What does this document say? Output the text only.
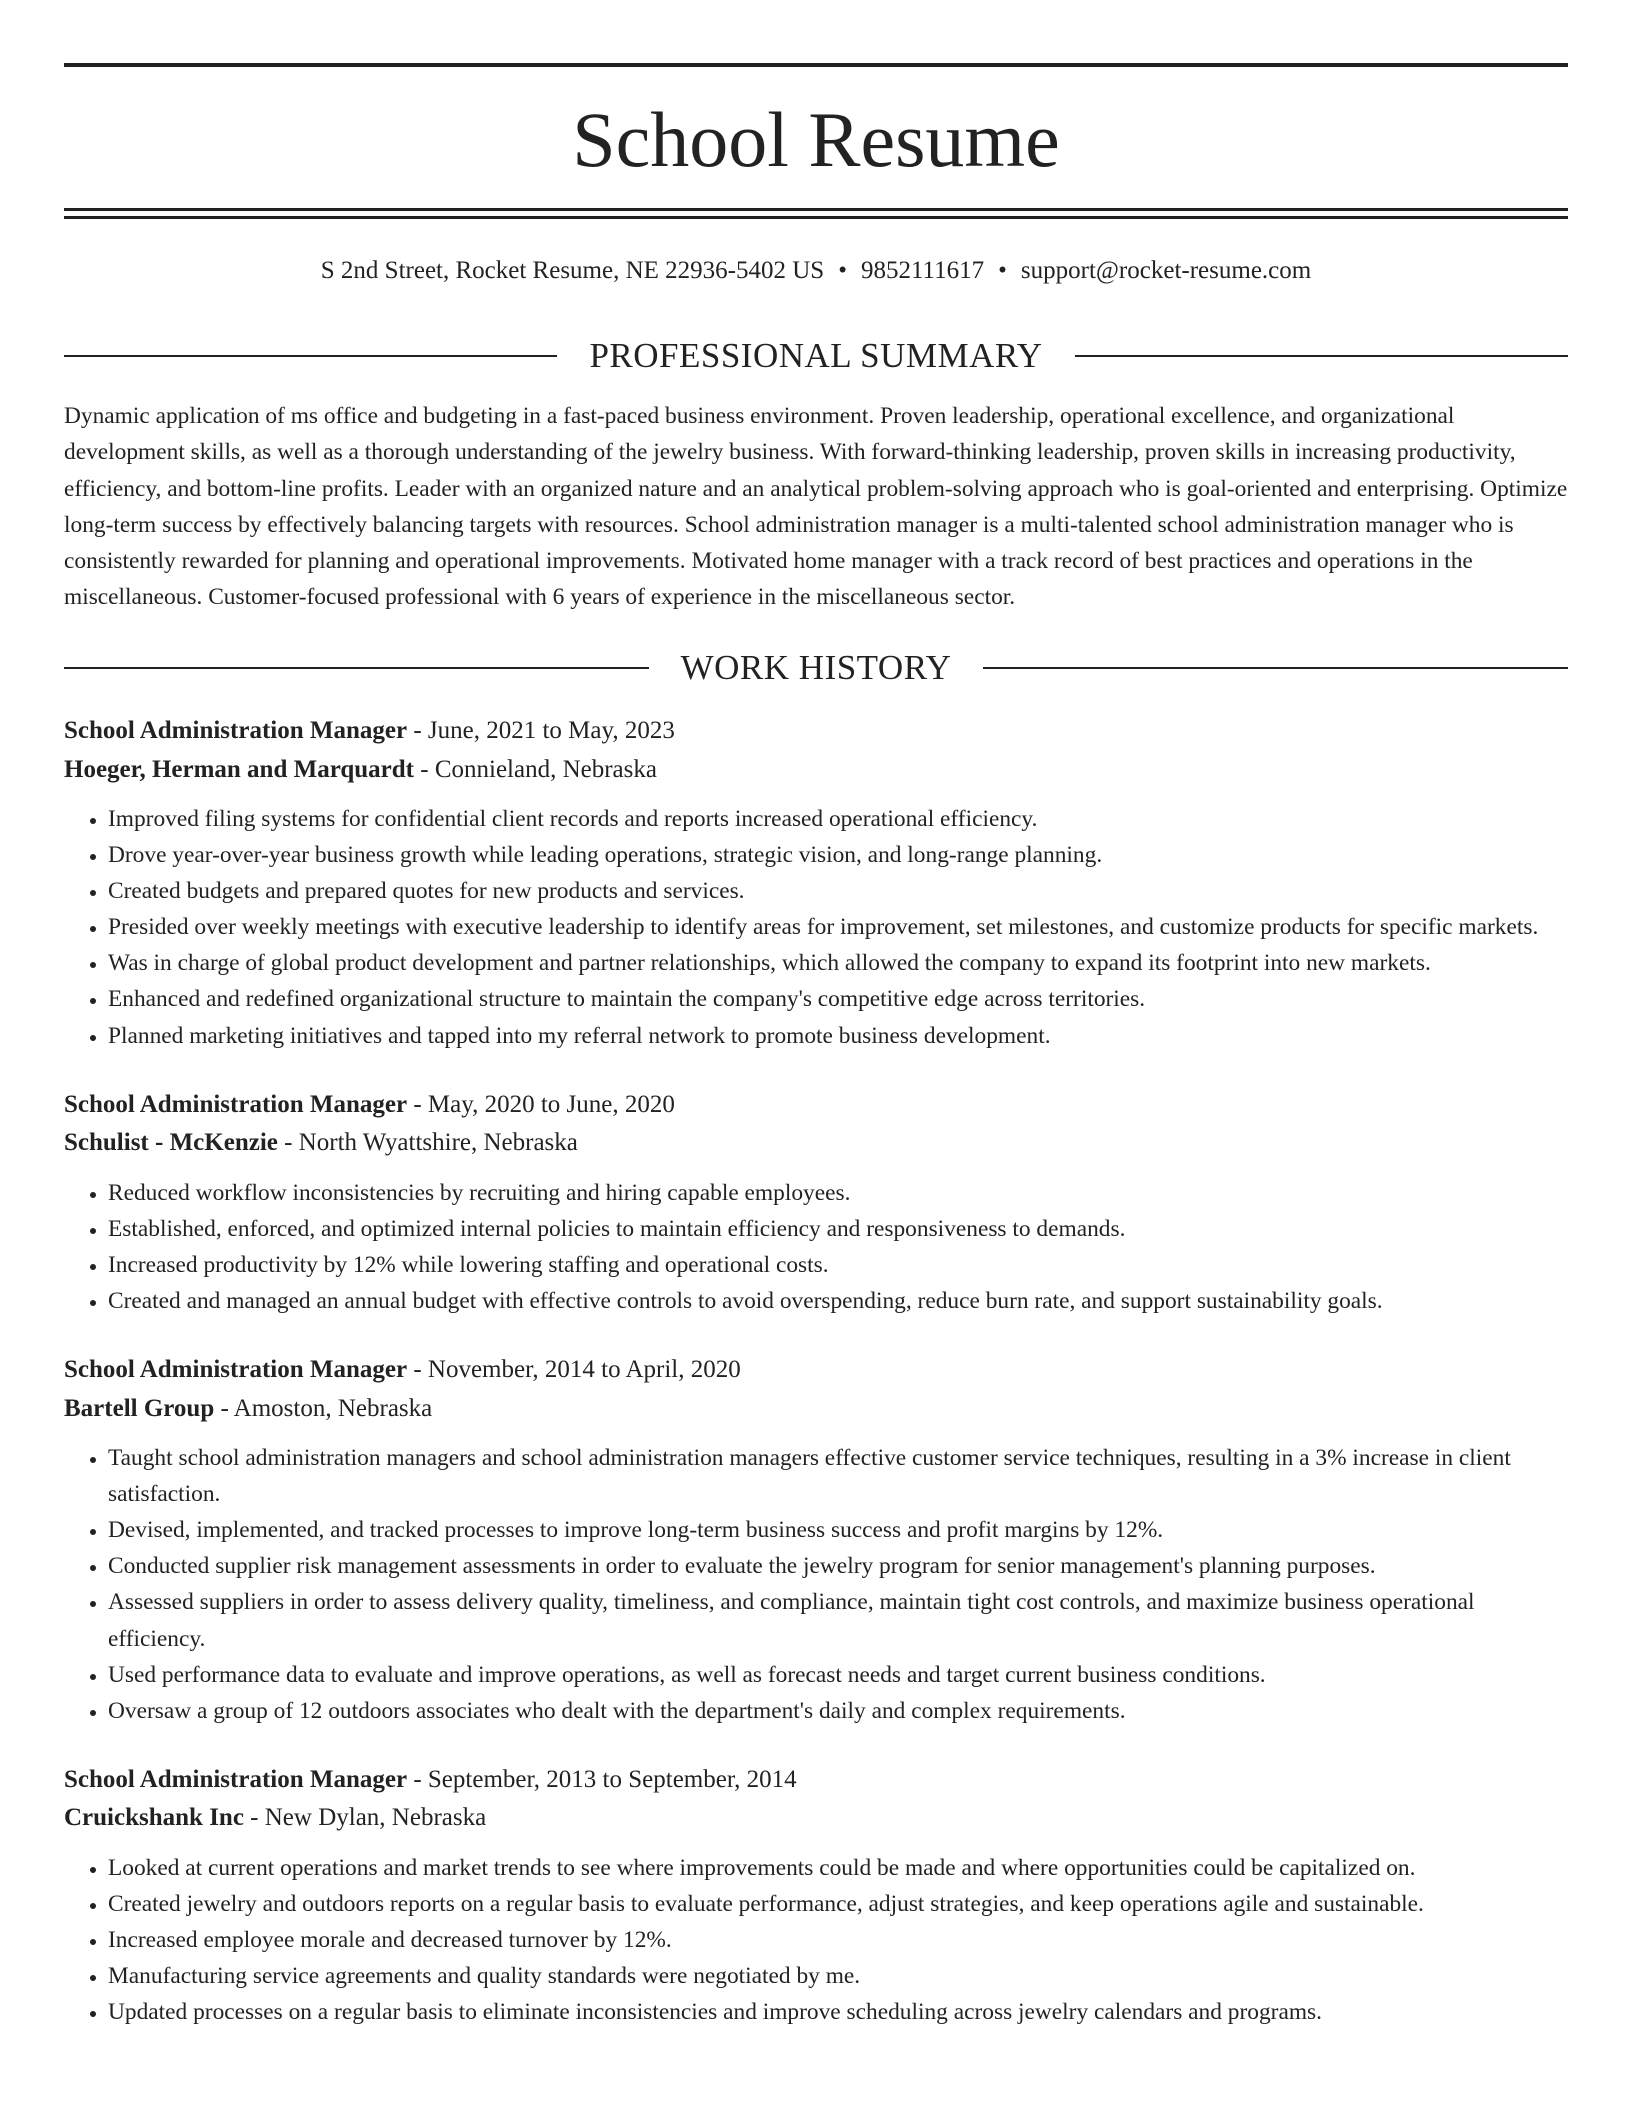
School Resume
S 2nd Street, Rocket Resume, NE 22936-5402 US • 9852111617 • support@rocket-resume.com
PROFESSIONAL SUMMARY
Dynamic application of ms office and budgeting in a fast-paced business environment. Proven leadership, operational excellence, and organizational development skills, as well as a thorough understanding of the jewelry business. With forward-thinking leadership, proven skills in increasing productivity, efficiency, and bottom-line profits. Leader with an organized nature and an analytical problem-solving approach who is goal-oriented and enterprising. Optimize long-term success by effectively balancing targets with resources. School administration manager is a multi-talented school administration manager who is consistently rewarded for planning and operational improvements. Motivated home manager with a track record of best practices and operations in the miscellaneous. Customer-focused professional with 6 years of experience in the miscellaneous sector.
WORK HISTORY
School Administration Manager - June, 2021 to May, 2023
Hoeger, Herman and Marquardt - Connieland, Nebraska
• Improved filing systems for confidential client records and reports increased operational efficiency.
• Drove year-over-year business growth while leading operations, strategic vision, and long-range planning.
• Created budgets and prepared quotes for new products and services.
• Presided over weekly meetings with executive leadership to identify areas for improvement, set milestones, and customize products for specific markets.
• Was in charge of global product development and partner relationships, which allowed the company to expand its footprint into new markets.
• Enhanced and redefined organizational structure to maintain the company's competitive edge across territories.
• Planned marketing initiatives and tapped into my referral network to promote business development.
School Administration Manager - May, 2020 to June, 2020
Schulist - McKenzie - North Wyattshire, Nebraska
• Reduced workflow inconsistencies by recruiting and hiring capable employees.
• Established, enforced, and optimized internal policies to maintain efficiency and responsiveness to demands.
• Increased productivity by 12% while lowering staffing and operational costs.
• Created and managed an annual budget with effective controls to avoid overspending, reduce burn rate, and support sustainability goals.
School Administration Manager - November, 2014 to April, 2020
Bartell Group - Amoston, Nebraska
• Taught school administration managers and school administration managers effective customer service techniques, resulting in a 3% increase in client satisfaction.
• Devised, implemented, and tracked processes to improve long-term business success and profit margins by 12%.
• Conducted supplier risk management assessments in order to evaluate the jewelry program for senior management's planning purposes.
• Assessed suppliers in order to assess delivery quality, timeliness, and compliance, maintain tight cost controls, and maximize business operational efficiency.
• Used performance data to evaluate and improve operations, as well as forecast needs and target current business conditions.
• Oversaw a group of 12 outdoors associates who dealt with the department's daily and complex requirements.
School Administration Manager - September, 2013 to September, 2014
Cruickshank Inc - New Dylan, Nebraska
• Looked at current operations and market trends to see where improvements could be made and where opportunities could be capitalized on.
• Created jewelry and outdoors reports on a regular basis to evaluate performance, adjust strategies, and keep operations agile and sustainable.
• Increased employee morale and decreased turnover by 12%.
• Manufacturing service agreements and quality standards were negotiated by me.
• Updated processes on a regular basis to eliminate inconsistencies and improve scheduling across jewelry calendars and programs.
